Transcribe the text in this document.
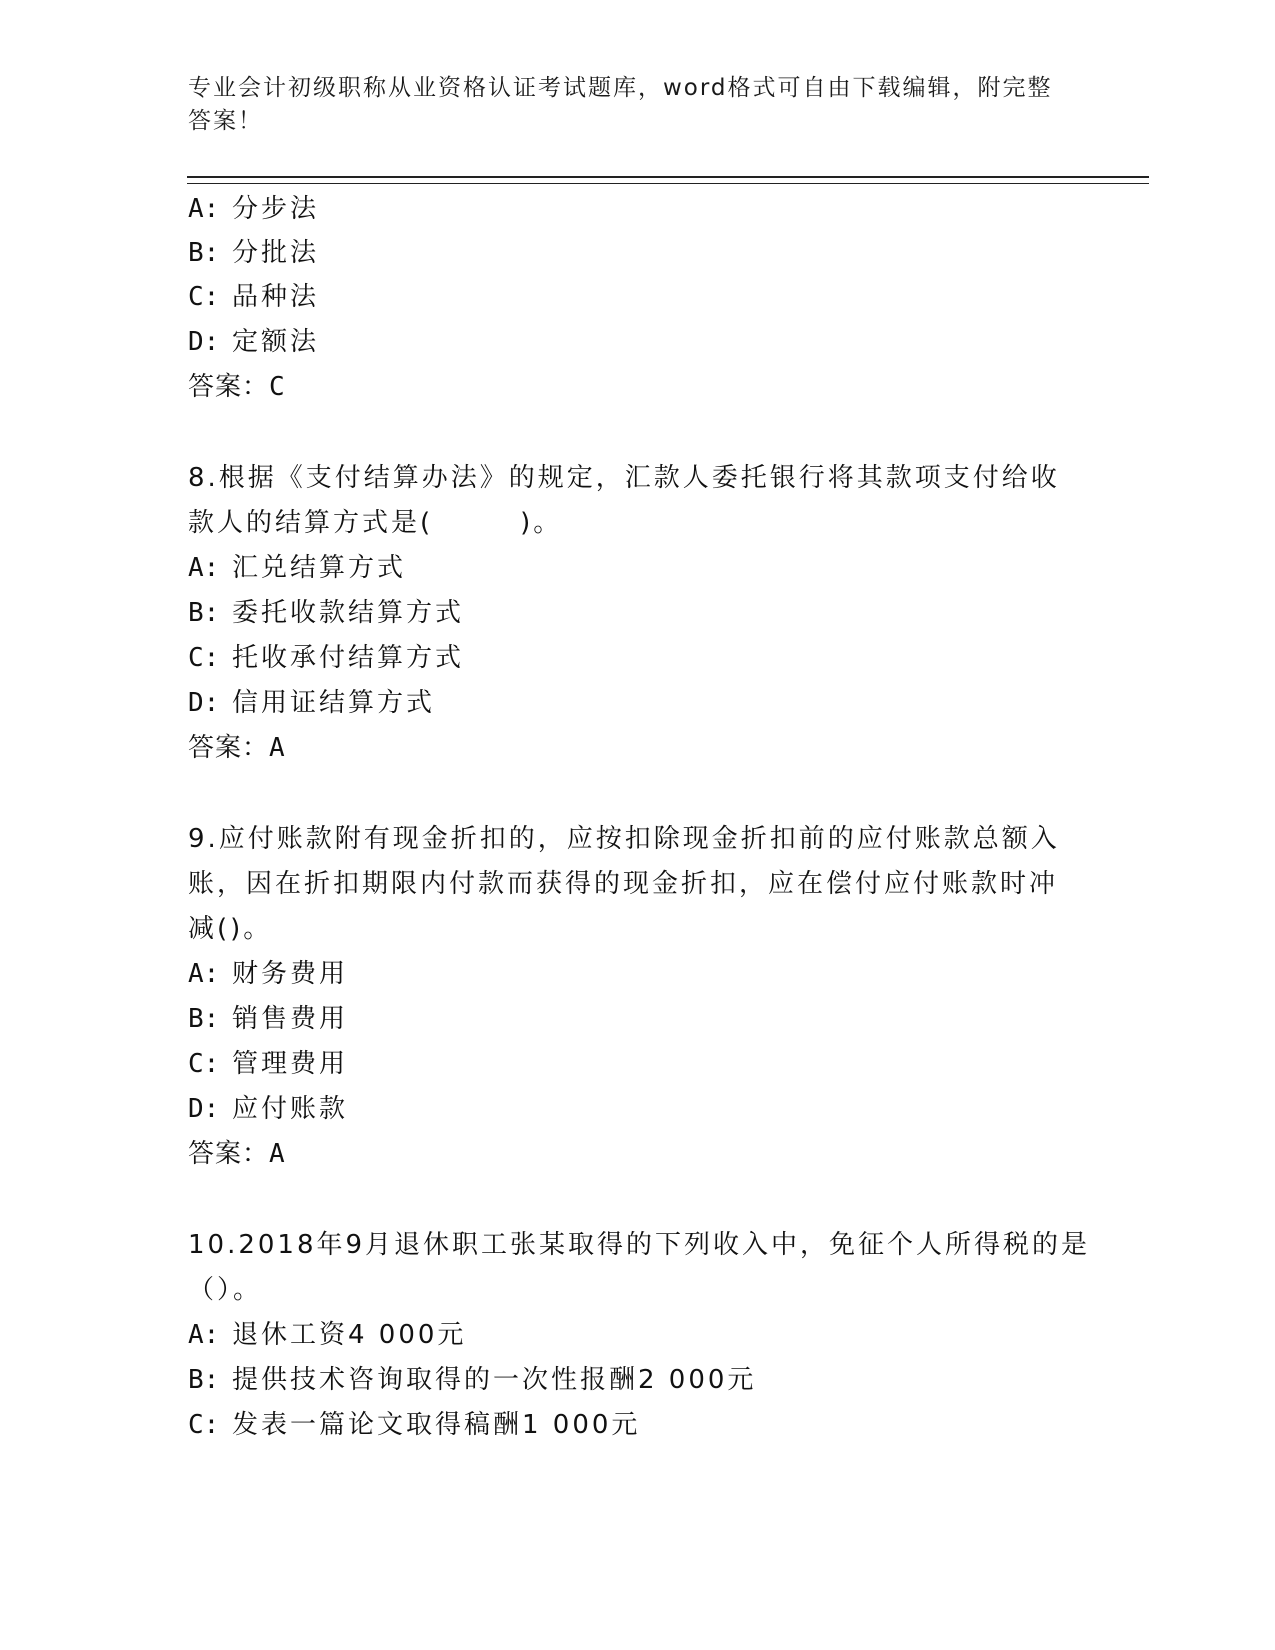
专业会计初级职称从业资格认证考试题库，word格式可自由下载编辑，附完整答案！
A: 分步法
B: 分批法
C: 品种法
D: 定额法
答案：C
8.根据《支付结算办法》的规定，汇款人委托银行将其款项支付给收
款人的结算方式是(　　　)。
A: 汇兑结算方式
B: 委托收款结算方式
C: 托收承付结算方式
D: 信用证结算方式
答案：A
9.应付账款附有现金折扣的，应按扣除现金折扣前的应付账款总额入
账，因在折扣期限内付款而获得的现金折扣，应在偿付应付账款时冲
减()。
A: 财务费用
B: 销售费用
C: 管理费用
D: 应付账款
答案：A
10.2018年9月退休职工张某取得的下列收入中，免征个人所得税的是
（）。
A: 退休工资4 000元
B: 提供技术咨询取得的一次性报酬2 000元
C: 发表一篇论文取得稿酬1 000元
